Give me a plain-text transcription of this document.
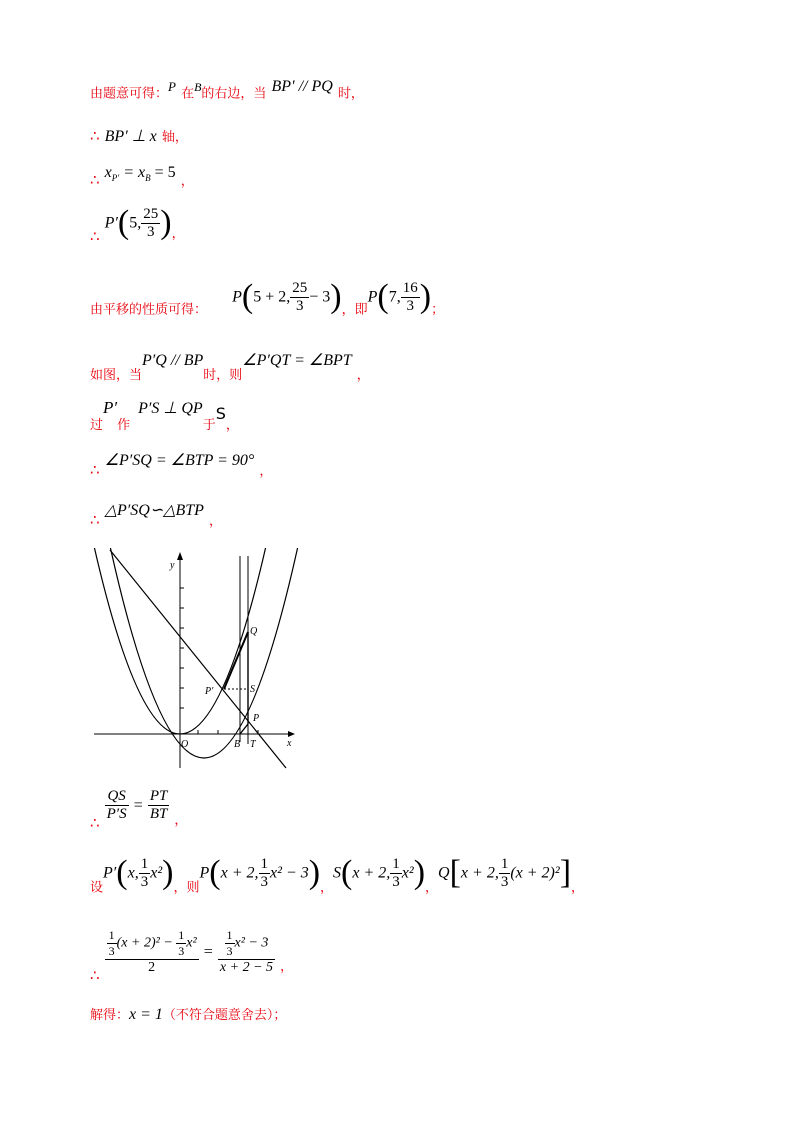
由题意可得：$^P$ 在$^B$的右边，当 $^{BP' // PQ}$ 时，
∴ BP′ ⊥ x 轴，
∴ $x_{P'} = x_B = 5$ $_,$
∴ P′(5, $\frac{25}{3} )_,$
$_{由平移的性质可得:}$ P(5 + 2, $\frac{25}{3} - 3)_{,即}P(7$, $\frac{16}{3} )_;$
$_{如图,当}P'Q // BP_{时,则}\angle P'QT$ = ∠BPT $_,$
$_过P'_作P'S$ ⊥ $QP_于S_,$
∴ ∠P′SQ = ∠BTP = 90° $_,$
∴ △P′SQ∽△BTP $_,$
y
x
O	B T
P
P′	S
Q
∴ $\frac{QS}{P'S} = \frac{PT}{BT} _,$
$_设$P′(x, $\frac{1}{3} x^2)_{,则}P(x + 2$, $\frac{1}{3} x^2 - 3)_,S(x + 2$, $\frac{1}{3} x^2)_,Q[x + 2$, $\frac{1}{3} (x + 2)^2]_,$
∴ $\frac{\frac{1}{3} (x + 2)^2 - \frac{1}{3} x^2}{2} = \frac{\frac{1}{3} x^2 - 3}{x + 2 - 5} _,$
解得：x = 1（不符合题意舍去）；
